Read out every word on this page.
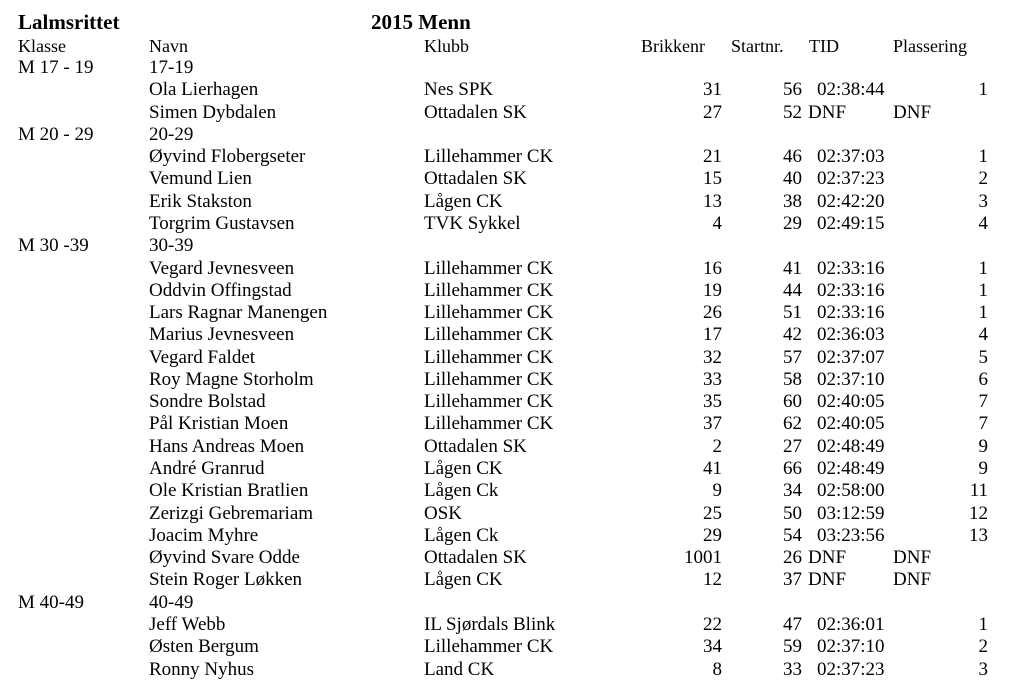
Lalmsrittet	2015 Menn
Klasse	Navn	Klubb	Brikkenr Startnr. TID	Plassering
M 17 - 19	17-19
Ola Lierhagen	Nes SPK	31	56 02:38:44	1
Simen Dybdalen	Ottadalen SK	27	52 DNF DNF
M 20 - 29	20-29
Øyvind Flobergseter	Lillehammer CK	21	46 02:37:03	1
Vemund Lien	Ottadalen SK	15	40 02:37:23	2
Erik Stakston	Lågen CK	13	38 02:42:20	3
Torgrim Gustavsen	TVK Sykkel	4	29 02:49:15	4
M 30 -39	30-39
Vegard Jevnesveen	Lillehammer CK	16	41 02:33:16	1
Oddvin Offingstad	Lillehammer CK	19	44 02:33:16	1
Lars Ragnar Manengen	Lillehammer CK	26	51 02:33:16	1
Marius Jevnesveen	Lillehammer CK	17	42 02:36:03	4
Vegard Faldet	Lillehammer CK	32	57 02:37:07	5
Roy Magne Storholm	Lillehammer CK	33	58 02:37:10	6
Sondre Bolstad	Lillehammer CK	35	60 02:40:05	7
Pål Kristian Moen	Lillehammer CK	37	62 02:40:05	7
Hans Andreas Moen	Ottadalen SK	2	27 02:48:49	9
André Granrud	Lågen CK	41	66 02:48:49	9
Ole Kristian Bratlien	Lågen Ck	9	34 02:58:00	11
Zerizgi Gebremariam	OSK	25	50 03:12:59	12
Joacim Myhre	Lågen Ck	29	54 03:23:56	13
Øyvind Svare Odde	Ottadalen SK	1001	26 DNF DNF
Stein Roger Løkken	Lågen CK	12	37 DNF DNF
M 40-49	40-49
Jeff Webb	IL Sjørdals Blink	22	47 02:36:01	1
Østen Bergum	Lillehammer CK	34	59 02:37:10	2
Ronny Nyhus	Land CK	8	33 02:37:23	3
